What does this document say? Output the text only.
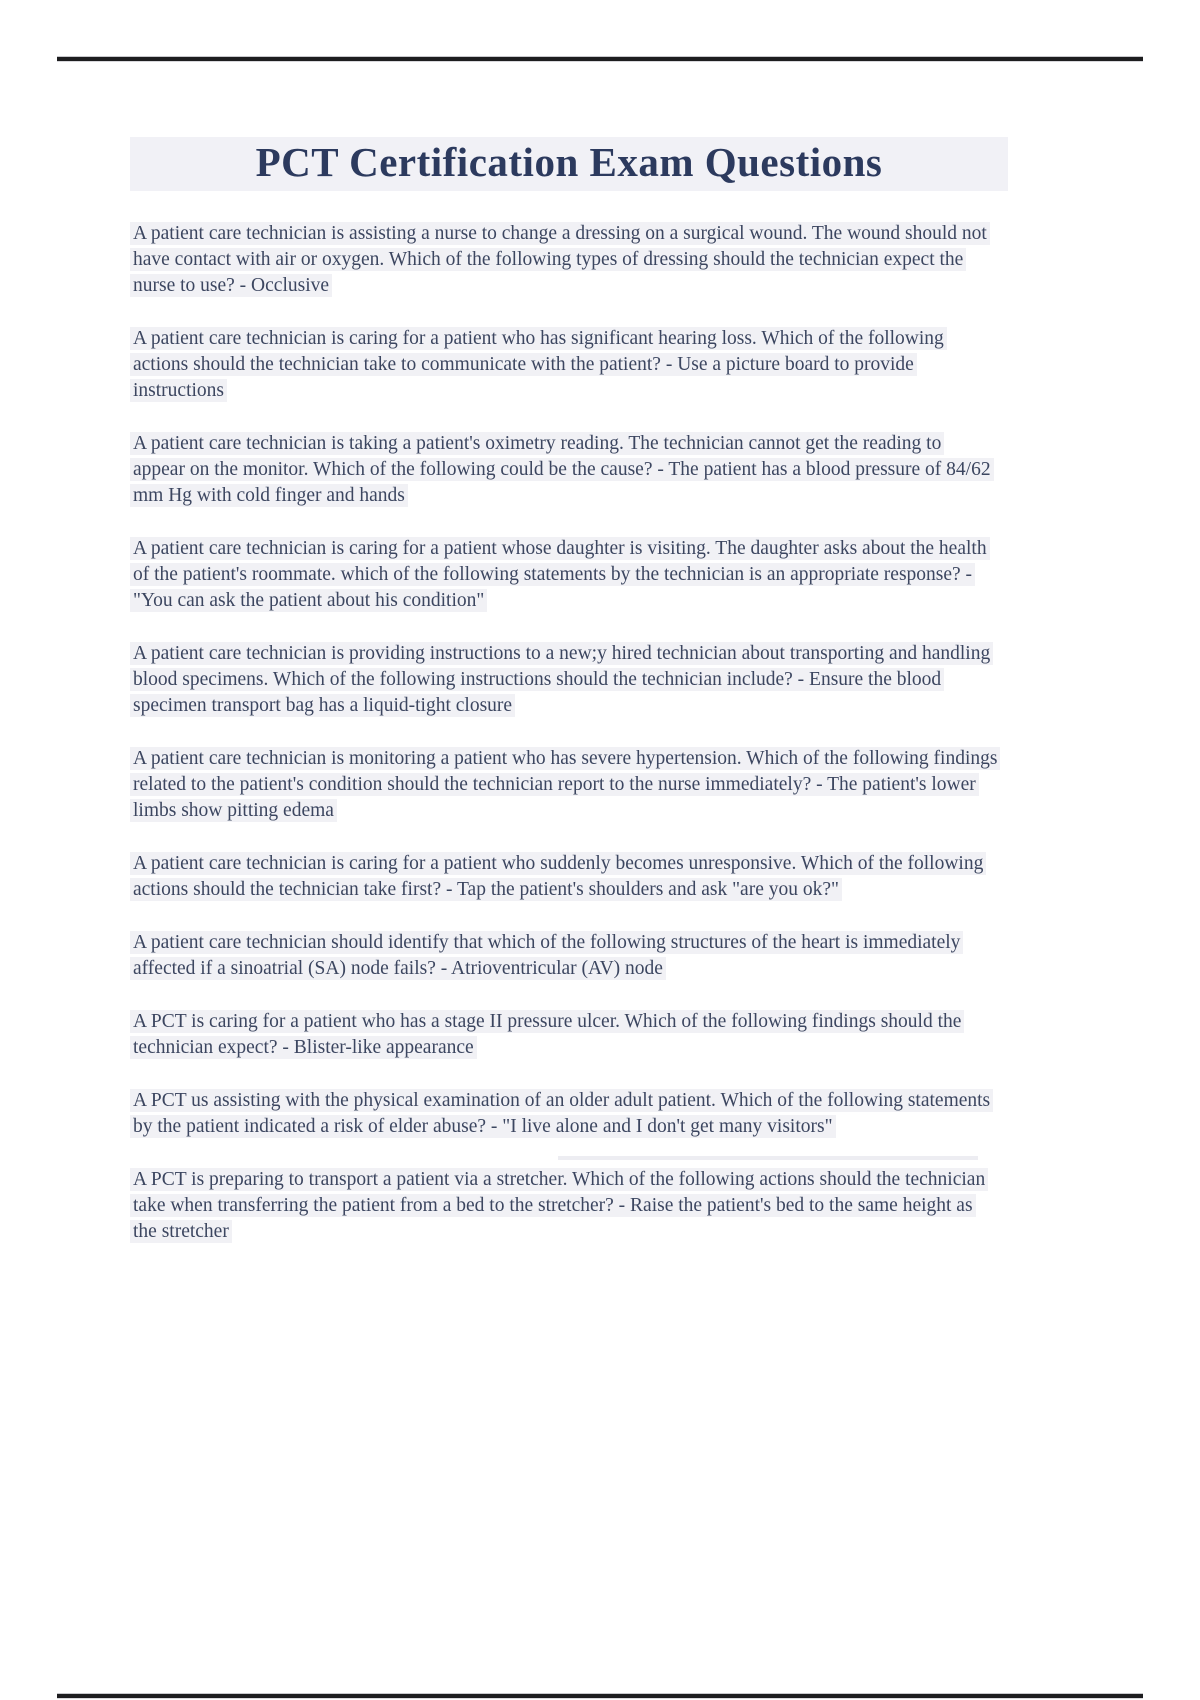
PCT Certification Exam Questions

A patient care technician is assisting a nurse to change a dressing on a surgical wound. The wound should not have contact with air or oxygen. Which of the following types of dressing should the technician expect the nurse to use? - Occlusive

A patient care technician is caring for a patient who has significant hearing loss. Which of the following actions should the technician take to communicate with the patient? - Use a picture board to provide instructions

A patient care technician is taking a patient's oximetry reading. The technician cannot get the reading to appear on the monitor. Which of the following could be the cause? - The patient has a blood pressure of 84/62 mm Hg with cold finger and hands

A patient care technician is caring for a patient whose daughter is visiting. The daughter asks about the health of the patient's roommate. which of the following statements by the technician is an appropriate response? - "You can ask the patient about his condition"

A patient care technician is providing instructions to a new;y hired technician about transporting and handling blood specimens. Which of the following instructions should the technician include? - Ensure the blood specimen transport bag has a liquid-tight closure

A patient care technician is monitoring a patient who has severe hypertension. Which of the following findings related to the patient's condition should the technician report to the nurse immediately? - The patient's lower limbs show pitting edema

A patient care technician is caring for a patient who suddenly becomes unresponsive. Which of the following actions should the technician take first? - Tap the patient's shoulders and ask "are you ok?"

A patient care technician should identify that which of the following structures of the heart is immediately affected if a sinoatrial (SA) node fails? - Atrioventricular (AV) node

A PCT is caring for a patient who has a stage II pressure ulcer. Which of the following findings should the technician expect? - Blister-like appearance

A PCT us assisting with the physical examination of an older adult patient. Which of the following statements by the patient indicated a risk of elder abuse? - "I live alone and I don't get many visitors"

A PCT is preparing to transport a patient via a stretcher. Which of the following actions should the technician take when transferring the patient from a bed to the stretcher? - Raise the patient's bed to the same height as the stretcher
